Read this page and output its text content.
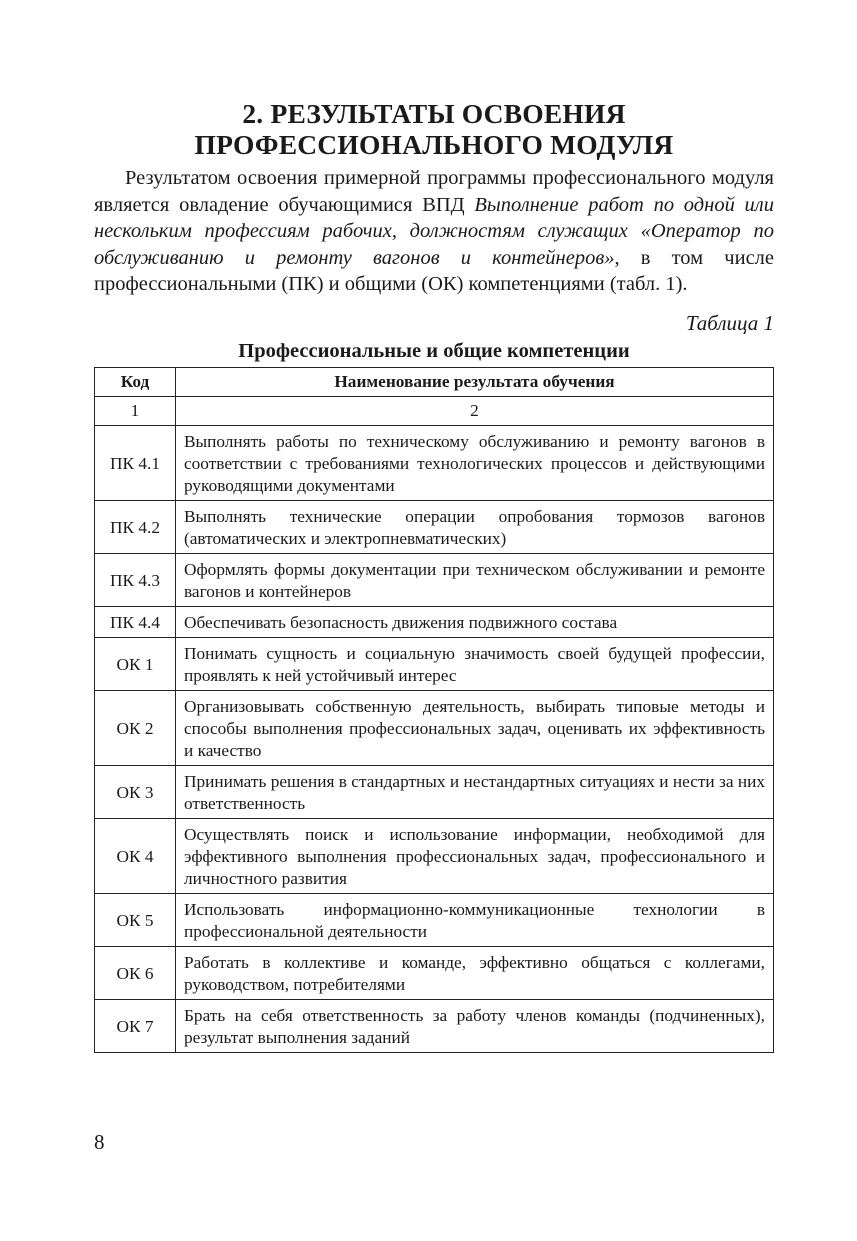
2. РЕЗУЛЬТАТЫ ОСВОЕНИЯ
ПРОФЕССИОНАЛЬНОГО МОДУЛЯ

Результатом освоения примерной программы профессионального модуля является овладение обучающимися ВПД Выполнение работ по одной или нескольким профессиям рабочих, должностям служащих «Оператор по обслуживанию и ремонту вагонов и контейнеров», в том числе профессиональными (ПК) и общими (ОК) компетенциями (табл. 1).

Таблица 1

Профессиональные и общие компетенции

Код	Наименование результата обучения
1	2
ПК 4.1	Выполнять работы по техническому обслуживанию и ремонту вагонов в соответствии с требованиями технологических процессов и действующими руководящими документами
ПК 4.2	Выполнять технические операции опробования тормозов вагонов (автоматических и электропневматических)
ПК 4.3	Оформлять формы документации при техническом обслуживании и ремонте вагонов и контейнеров
ПК 4.4	Обеспечивать безопасность движения подвижного состава
ОК 1	Понимать сущность и социальную значимость своей будущей профессии, проявлять к ней устойчивый интерес
ОК 2	Организовывать собственную деятельность, выбирать типовые методы и способы выполнения профессиональных задач, оценивать их эффективность и качество
ОК 3	Принимать решения в стандартных и нестандартных ситуациях и нести за них ответственность
ОК 4	Осуществлять поиск и использование информации, необходимой для эффективного выполнения профессиональных задач, профессионального и личностного развития
ОК 5	Использовать информационно-коммуникационные технологии в профессиональной деятельности
ОК 6	Работать в коллективе и команде, эффективно общаться с коллегами, руководством, потребителями
ОК 7	Брать на себя ответственность за работу членов команды (подчиненных), результат выполнения заданий
8
